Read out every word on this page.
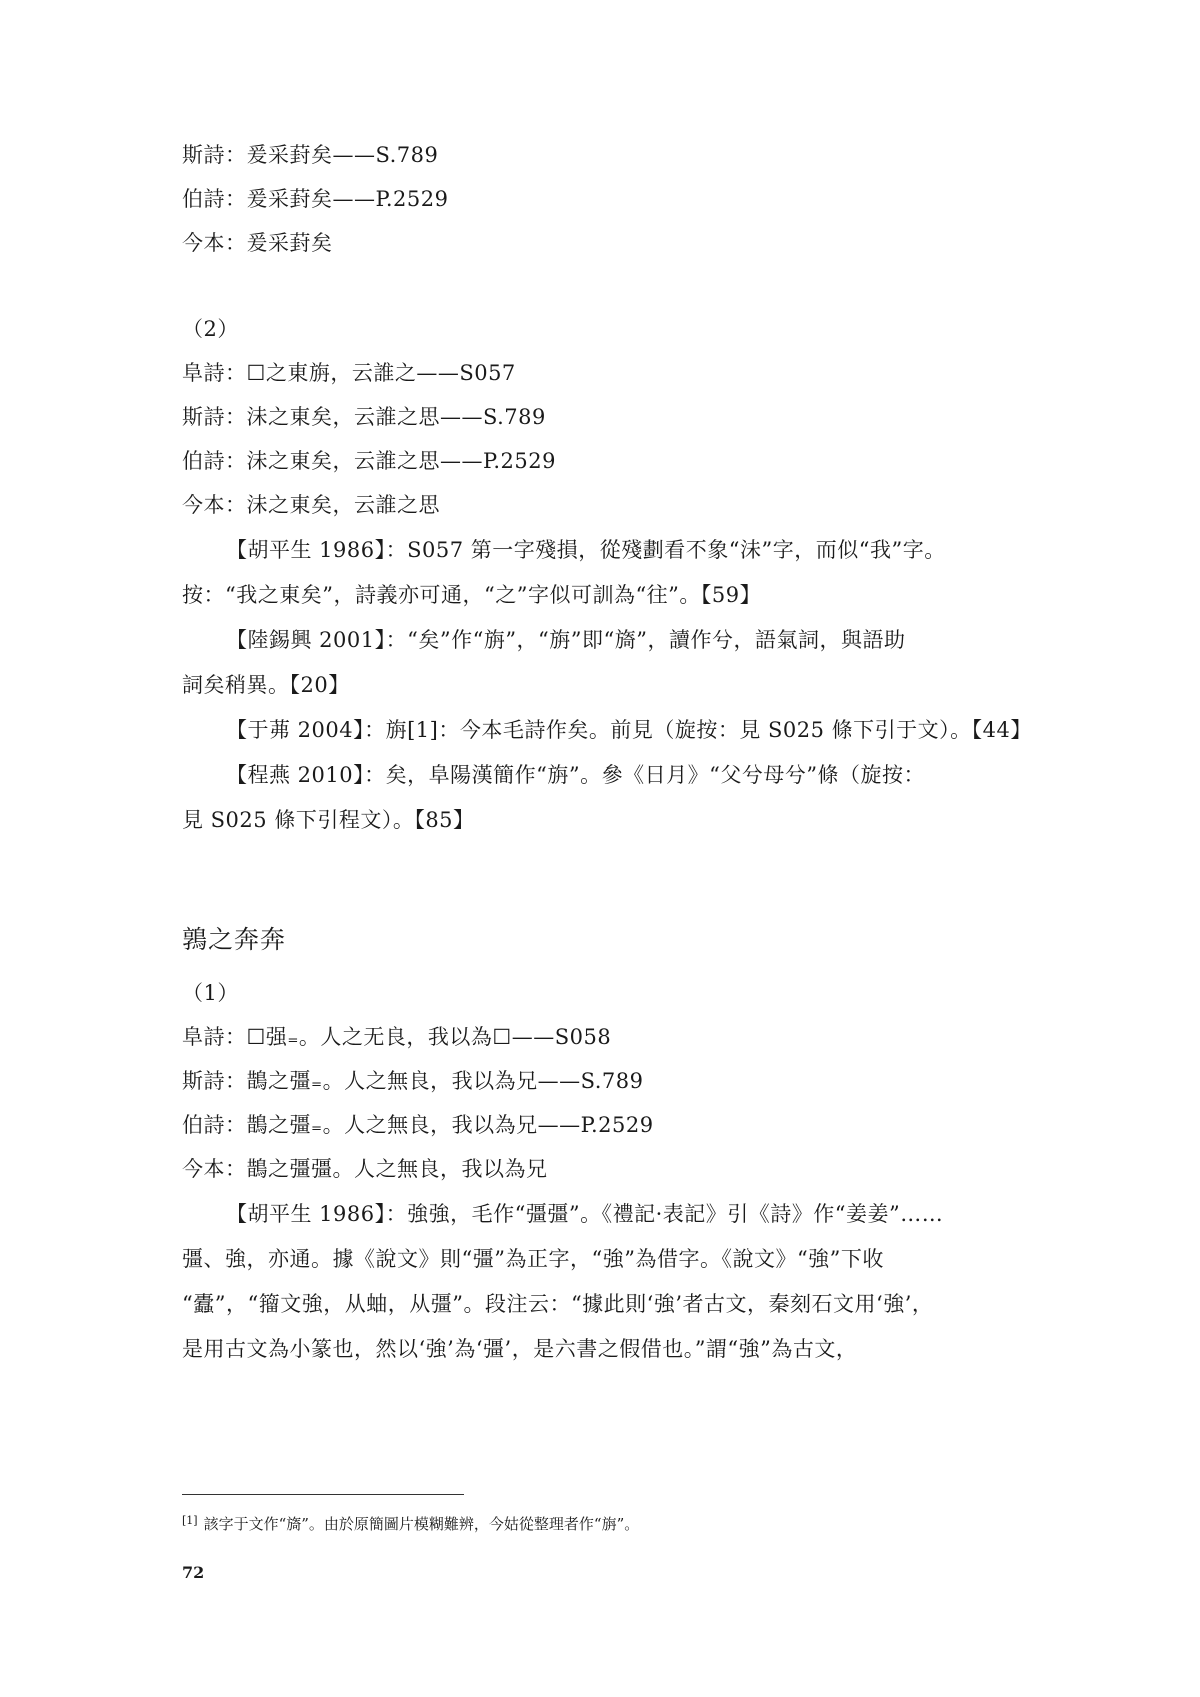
斯詩：爰采葑矣——S.789
伯詩：爰采葑矣——P.2529
今本：爰采葑矣
（2）
阜詩：☐之東旃，云誰之——S057
斯詩：沬之東矣，云誰之思——S.789
伯詩：沬之東矣，云誰之思——P.2529
今本：沬之東矣，云誰之思
【胡平生 1986】：S057 第一字殘損，從殘劃看不象“沬”字，而似“我”字。
按：“我之東矣”，詩義亦可通，“之”字似可訓為“往”。【59】
【陸錫興 2001】：“矣”作“旃”，“旃”即“旖”，讀作兮，語氣詞，與語助
詞矣稍異。【20】
【于茀 2004】：旃[1]：今本毛詩作矣。前見（旋按：見 S025 條下引于文）。【44】
【程燕 2010】：矣，阜陽漢簡作“旃”。參《日月》“父兮母兮”條（旋按：
見 S025 條下引程文）。【85】
鶉之奔奔
（1）
阜詩：☐强₌。人之无良，我以為☐——S058
斯詩：鵲之彊₌。人之無良，我以為兄——S.789
伯詩：鵲之彊₌。人之無良，我以為兄——P.2529
今本：鵲之彊彊。人之無良，我以為兄
【胡平生 1986】：強強，毛作“彊彊”。《禮記·表記》引《詩》作“姜姜”……
彊、強，亦通。據《說文》則“彊”為正字，“強”為借字。《說文》“強”下收
“蠹”，“籀文強，从蚰，从彊”。段注云：“據此則‘強’者古文，秦刻石文用‘強’，
是用古文為小篆也，然以‘強’為‘彊’，是六書之假借也。”謂“強”為古文，
[1] 該字于文作“旖”。由於原簡圖片模糊難辨，今姑從整理者作“旃”。
72
